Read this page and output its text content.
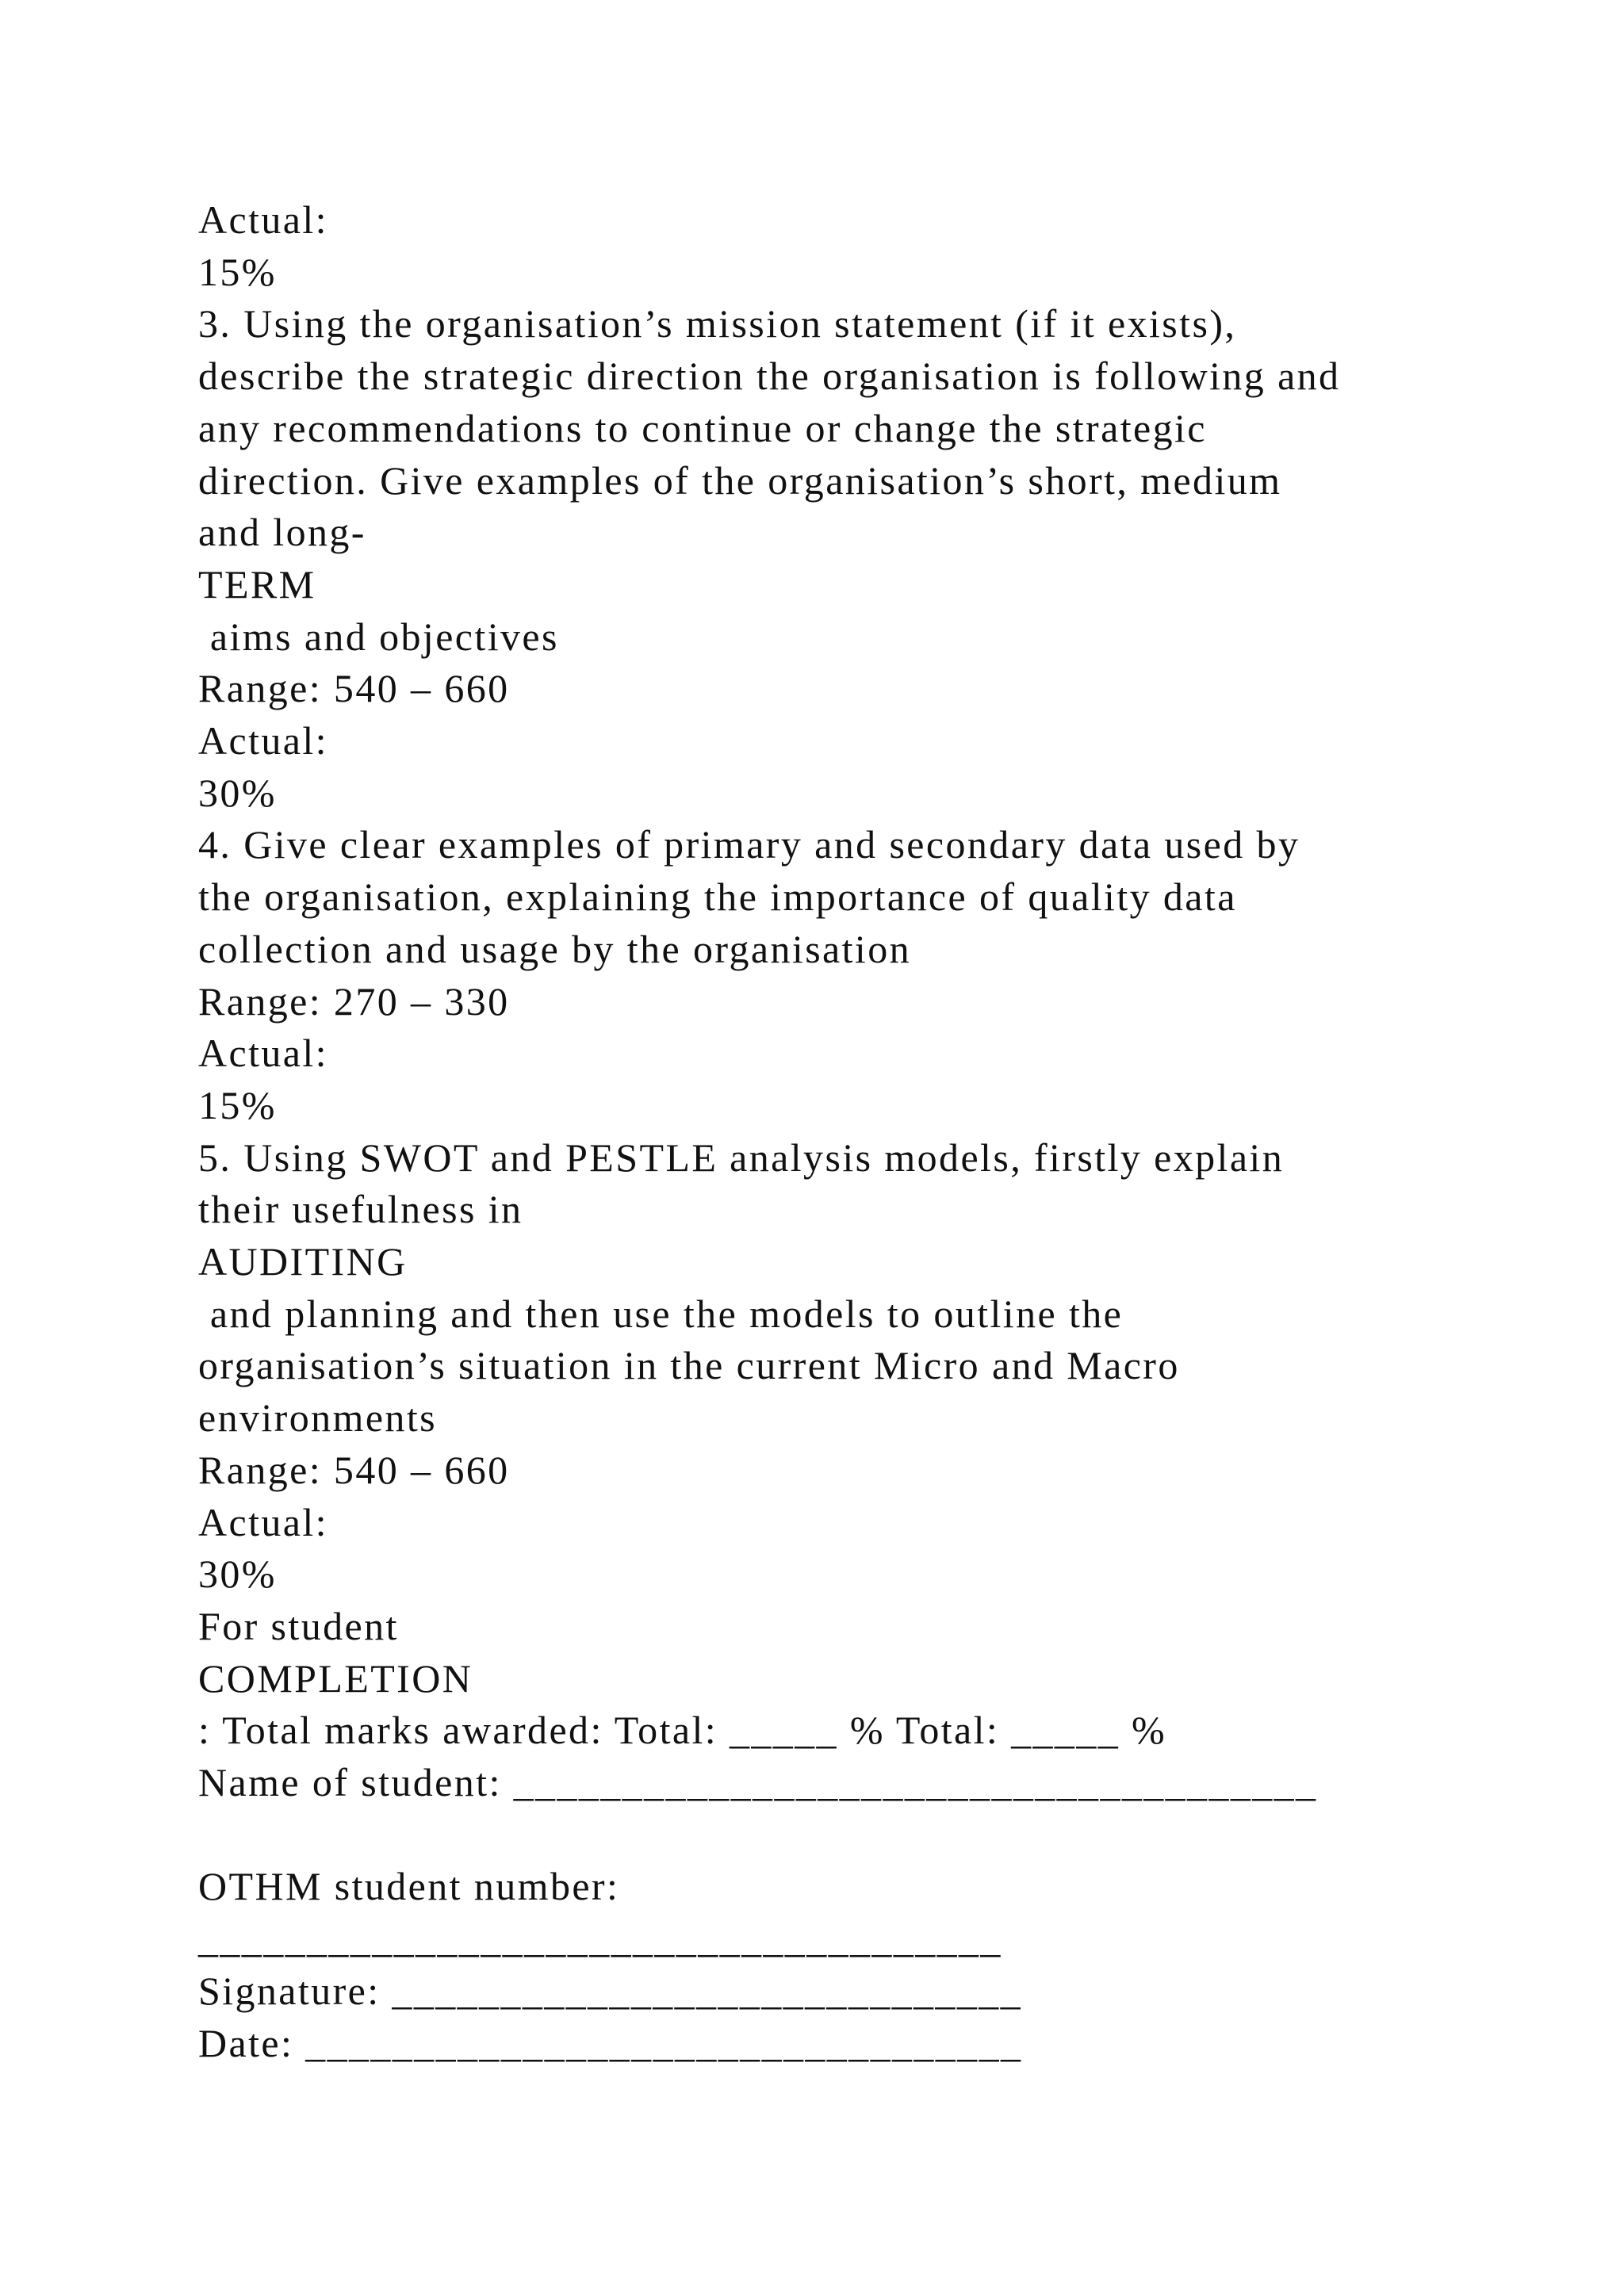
Actual:
15%
3. Using the organisation’s mission statement (if it exists),
describe the strategic direction the organisation is following and
any recommendations to continue or change the strategic
direction. Give examples of the organisation’s short, medium
and long-
TERM
aims and objectives
Range: 540 – 660
Actual:
30%
4. Give clear examples of primary and secondary data used by
the organisation, explaining the importance of quality data
collection and usage by the organisation
Range: 270 – 330
Actual:
15%
5. Using SWOT and PESTLE analysis models, firstly explain
their usefulness in
AUDITING
and planning and then use the models to outline the
organisation’s situation in the current Micro and Macro
environments
Range: 540 – 660
Actual:
30%
For student
COMPLETION
: Total marks awarded: Total: _____ % Total: _____ %
Name of student: _____________________________________
OTHM student number:
_____________________________________
Signature: _____________________________
Date: _________________________________
